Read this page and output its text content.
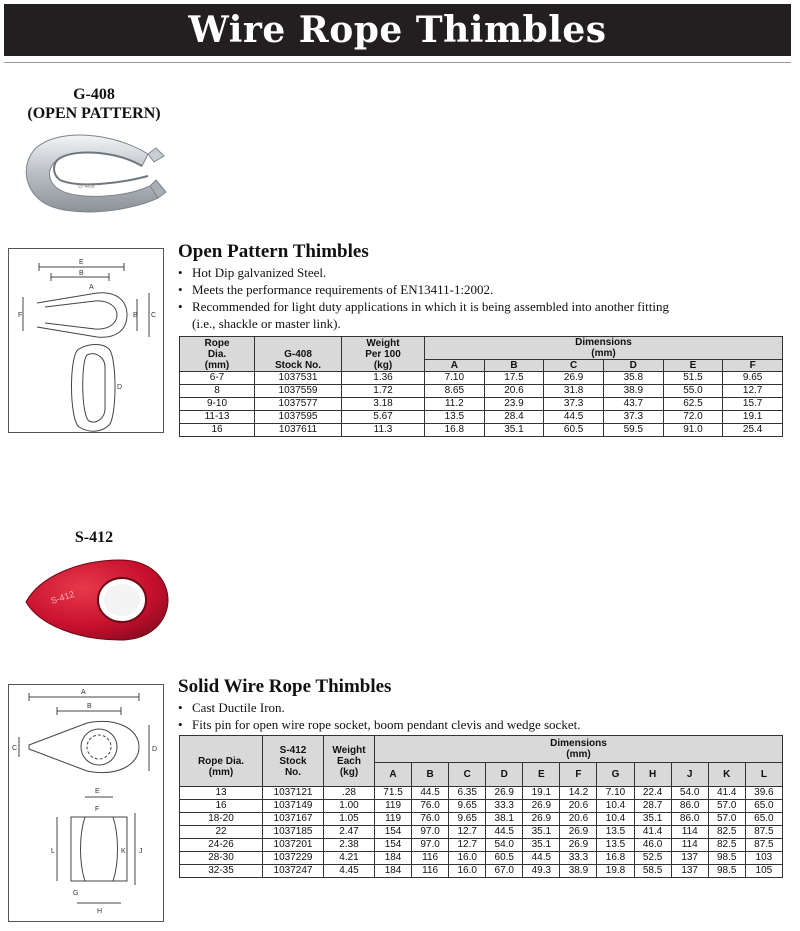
Wire Rope Thimbles
G-408
(OPEN PATTERN)
G·408
E
B
F
A
B C
D
Open Pattern Thimbles
• Hot Dip galvanized Steel.
• Meets the performance requirements of EN13411-1:2002.
• Recommended for light duty applications in which it is being assembled into another fitting
(i.e., shackle or master link).
Rope
Dia.
(mm)	G-408
Stock No.	Weight
Per 100
(kg)	Dimensions
(mm)					

			A	B	C	D	E	F
6-7	1037531	1.36	7.10	17.5	26.9	35.8	51.5	9.65
8	1037559	1.72	8.65	20.6	31.8	38.9	55.0	12.7
9-10	1037577	3.18	11.2	23.9	37.3	43.7	62.5	15.7
11-13	1037595	5.67	13.5	28.4	44.5	37.3	72.0	19.1
16	1037611	11.3	16.8	35.1	60.5	59.5	91.0	25.4
S-412
S-412
A
B
C	D
E
F
L	K J
G
H
Solid Wire Rope Thimbles
• Cast Ductile Iron.
• Fits pin for open wire rope socket, boom pendant clevis and wedge socket.
Rope Dia.
(mm)	S-412
Stock
No.	Weight
Each
(kg)	Dimensions
(mm)										

			A	B	C	D	E	F	G	H	J	K	L
13	1037121	.28	71.5	44.5	6.35	26.9	19.1	14.2	7.10	22.4	54.0	41.4	39.6
16	1037149	1.00	119	76.0	9.65	33.3	26.9	20.6	10.4	28.7	86.0	57.0	65.0
18-20	1037167	1.05	119	76.0	9.65	38.1	26.9	20.6	10.4	35.1	86.0	57.0	65.0
22	1037185	2.47	154	97.0	12.7	44.5	35.1	26.9	13.5	41.4	114	82.5	87.5
24-26	1037201	2.38	154	97.0	12.7	54.0	35.1	26.9	13.5	46.0	114	82.5	87.5
28-30	1037229	4.21	184	116	16.0	60.5	44.5	33.3	16.8	52.5	137	98.5	103
32-35	1037247	4.45	184	116	16.0	67.0	49.3	38.9	19.8	58.5	137	98.5	105
